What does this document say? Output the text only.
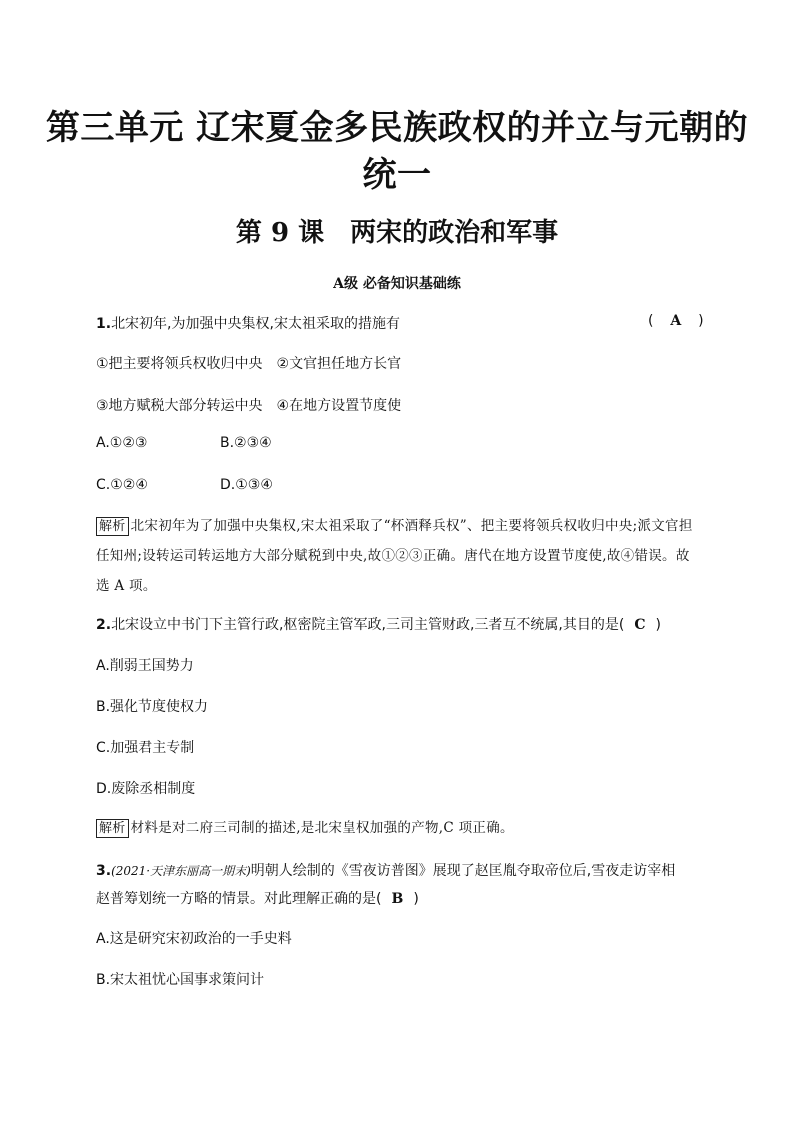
第三单元 辽宋夏金多民族政权的并立与元朝的
统一
第 9 课　两宋的政治和军事
A级 必备知识基础练
1.北宋初年,为加强中央集权,宋太祖采取的措施有	( A )
①把主要将领兵权收归中央　②文官担任地方长官
③地方赋税大部分转运中央　④在地方设置节度使
A.①②③	B.②③④
C.①②④	D.①③④
解析 北宋初年为了加强中央集权,宋太祖采取了“杯酒释兵权”、把主要将领兵权收归中央;派文官担任知州;设转运司转运地方大部分赋税到中央,故①②③正确。唐代在地方设置节度使,故④错误。故选 A 项。
2.北宋设立中书门下主管行政,枢密院主管军政,三司主管财政,三者互不统属,其目的是( C )
A.削弱王国势力
B.强化节度使权力
C.加强君主专制
D.废除丞相制度
解析 材料是对二府三司制的描述,是北宋皇权加强的产物,C 项正确。
3.(2021·天津东丽高一期末)明朝人绘制的《雪夜访普图》展现了赵匡胤夺取帝位后,雪夜走访宰相
赵普筹划统一方略的情景。对此理解正确的是( B )
A.这是研究宋初政治的一手史料
B.宋太祖忧心国事求策问计
